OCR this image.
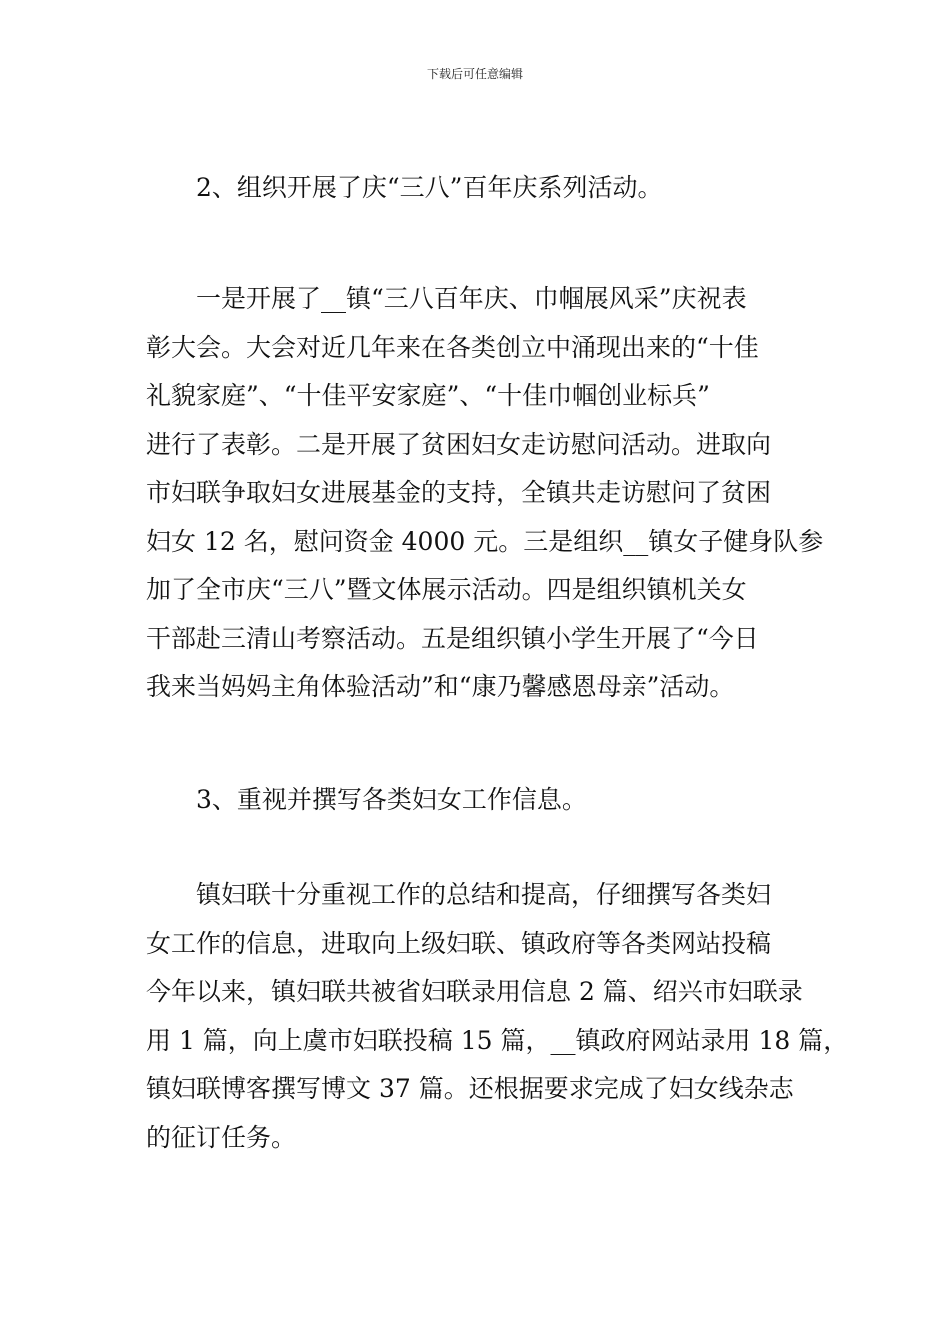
下载后可任意编辑
2、组织开展了庆“三八”百年庆系列活动。
一是开展了__镇“三八百年庆、巾帼展风采”庆祝表
彰大会。大会对近几年来在各类创立中涌现出来的“十佳
礼貌家庭”、“十佳平安家庭”、“十佳巾帼创业标兵”
进行了表彰。二是开展了贫困妇女走访慰问活动。进取向
市妇联争取妇女进展基金的支持，全镇共走访慰问了贫困
妇女 12 名，慰问资金 4000 元。三是组织__镇女子健身队参
加了全市庆“三八”暨文体展示活动。四是组织镇机关女
干部赴三清山考察活动。五是组织镇小学生开展了“今日
我来当妈妈主角体验活动”和“康乃馨感恩母亲”活动。
3、重视并撰写各类妇女工作信息。
镇妇联十分重视工作的总结和提高，仔细撰写各类妇
女工作的信息，进取向上级妇联、镇政府等各类网站投稿
今年以来，镇妇联共被省妇联录用信息 2 篇、绍兴市妇联录
用 1 篇，向上虞市妇联投稿 15 篇，__镇政府网站录用 18 篇，
镇妇联博客撰写博文 37 篇。还根据要求完成了妇女线杂志
的征订任务。
